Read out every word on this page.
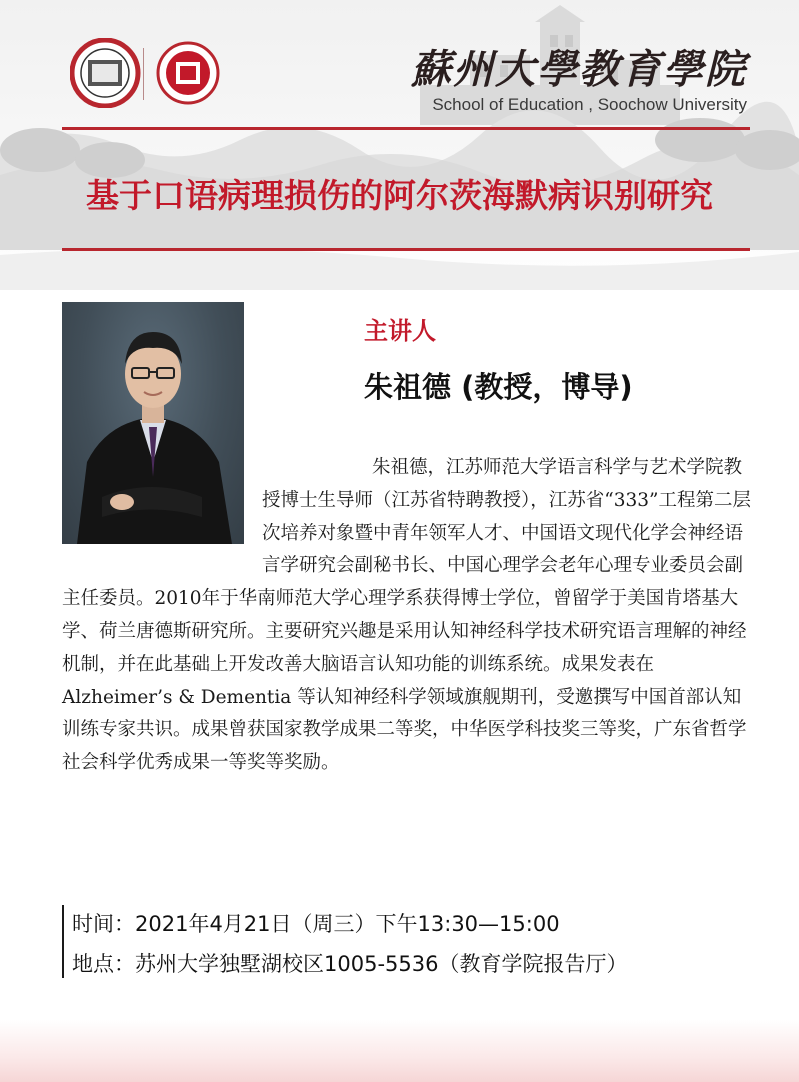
蘇州大學教育學院
School of Education , Soochow University
基于口语病理损伤的阿尔茨海默病识别研究
主讲人
朱祖德 (教授，博导)
朱祖德，江苏师范大学语言科学与艺术学院教授博士生导师（江苏省特聘教授），江苏省“333”工程第二层次培养对象暨中青年领军人才、中国语文现代化学会神经语言学研究会副秘书长、中国心理学会老年心理专业委员会副主任委员。2010年于华南师范大学心理学系获得博士学位，曾留学于美国肯塔基大学、荷兰唐德斯研究所。主要研究兴趣是采用认知神经科学技术研究语言理解的神经机制，并在此基础上开发改善大脑语言认知功能的训练系统。成果发表在Alzheimer’s & Dementia 等认知神经科学领域旗舰期刊，受邀撰写中国首部认知训练专家共识。成果曾获国家教学成果二等奖，中华医学科技奖三等奖，广东省哲学社会科学优秀成果一等奖等奖励。
时间：2021年4月21日（周三）下午13:30—15:00
地点：苏州大学独墅湖校区1005-5536（教育学院报告厅）
